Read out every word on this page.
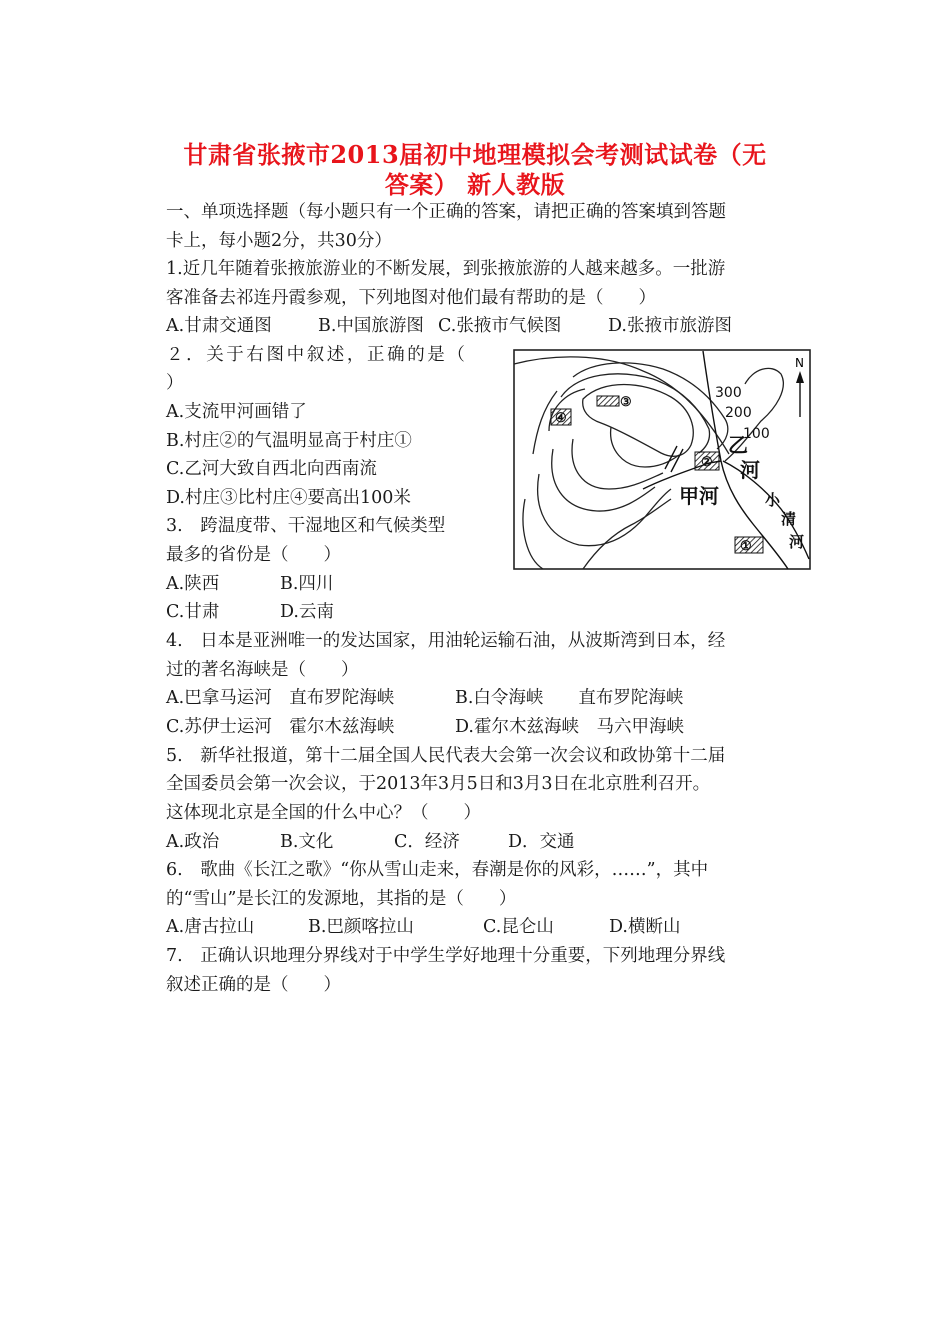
甘肃省张掖市2013届初中地理模拟会考测试试卷（无
答案） 新人教版
一、单项选择题（每小题只有一个正确的答案，请把正确的答案填到答题
卡上，每小题2分，共30分）
1.近几年随着张掖旅游业的不断发展，到张掖旅游的人越来越多。一批游
客准备去祁连丹霞参观，下列地图对他们最有帮助的是（　　）
A.甘肃交通图	B.中国旅游图 C.张掖市气候图	D.张掖市旅游图
２．关于右图中叙述，正确的是（
）
A.支流甲河画错了
B.村庄②的气温明显高于村庄①
C.乙河大致自西北向西南流
D.村庄③比村庄④要高出100米
N
300
200
100
乙
河
甲河	小
清
河
①
②
③
④
3.　跨温度带、干湿地区和气候类型
最多的省份是（　　）
A.陕西	B.四川
C.甘肃	D.云南
4.　日本是亚洲唯一的发达国家，用油轮运输石油，从波斯湾到日本，经
过的著名海峡是（　　）
A.巴拿马运河　直布罗陀海峡	B.白令海峡　　直布罗陀海峡
C.苏伊士运河　霍尔木兹海峡	D.霍尔木兹海峡　马六甲海峡
5.　新华社报道，第十二届全国人民代表大会第一次会议和政协第十二届
全国委员会第一次会议，于2013年3月5日和3月3日在北京胜利召开。
这体现北京是全国的什么中心？（　　）
A.政治	B.文化	C．经济	D．交通
6.　歌曲《长江之歌》“你从雪山走来，春潮是你的风彩，……”，其中
的“雪山”是长江的发源地，其指的是（　　）
A.唐古拉山	B.巴颜喀拉山	C.昆仑山	D.横断山
7.　正确认识地理分界线对于中学生学好地理十分重要，下列地理分界线
叙述正确的是（　　）
